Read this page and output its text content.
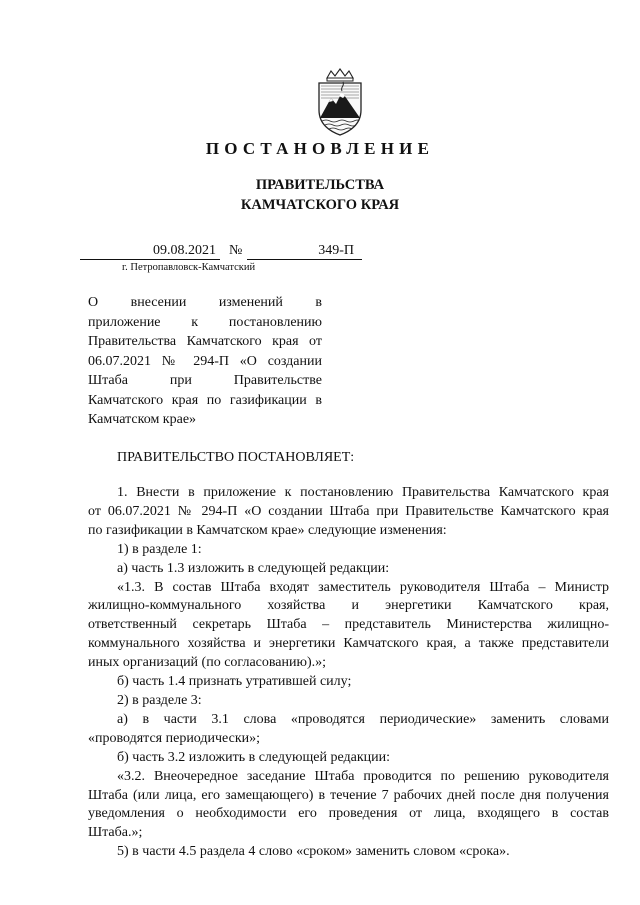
ПОСТАНОВЛЕНИЕ
ПРАВИТЕЛЬСТВА
КАМЧАТСКОГО КРАЯ
09.08.2021 №	349-П
г. Петропавловск-Камчатский
О внесении изменений в
приложение к постановлению
Правительства Камчатского края от
06.07.2021 № 294-П «О создании
Штаба при Правительстве
Камчатского края по газификации в
Камчатском крае»
ПРАВИТЕЛЬСТВО ПОСТАНОВЛЯЕТ:
1. Внести в приложение к постановлению Правительства Камчатского края
от 06.07.2021 № 294-П «О создании Штаба при Правительстве Камчатского края
по газификации в Камчатском крае» следующие изменения:
1) в разделе 1:
а) часть 1.3 изложить в следующей редакции:
«1.3. В состав Штаба входят заместитель руководителя Штаба – Министр
жилищно-коммунального хозяйства и энергетики Камчатского края,
ответственный секретарь Штаба – представитель Министерства жилищно-
коммунального хозяйства и энергетики Камчатского края, а также представители
иных организаций (по согласованию).»;
б) часть 1.4 признать утратившей силу;
2) в разделе 3:
а) в части 3.1 слова «проводятся периодические» заменить словами
«проводятся периодически»;
б) часть 3.2 изложить в следующей редакции:
«3.2. Внеочередное заседание Штаба проводится по решению руководителя
Штаба (или лица, его замещающего) в течение 7 рабочих дней после дня получения
уведомления о необходимости его проведения от лица, входящего в состав
Штаба.»;
5) в части 4.5 раздела 4 слово «сроком» заменить словом «срока».
